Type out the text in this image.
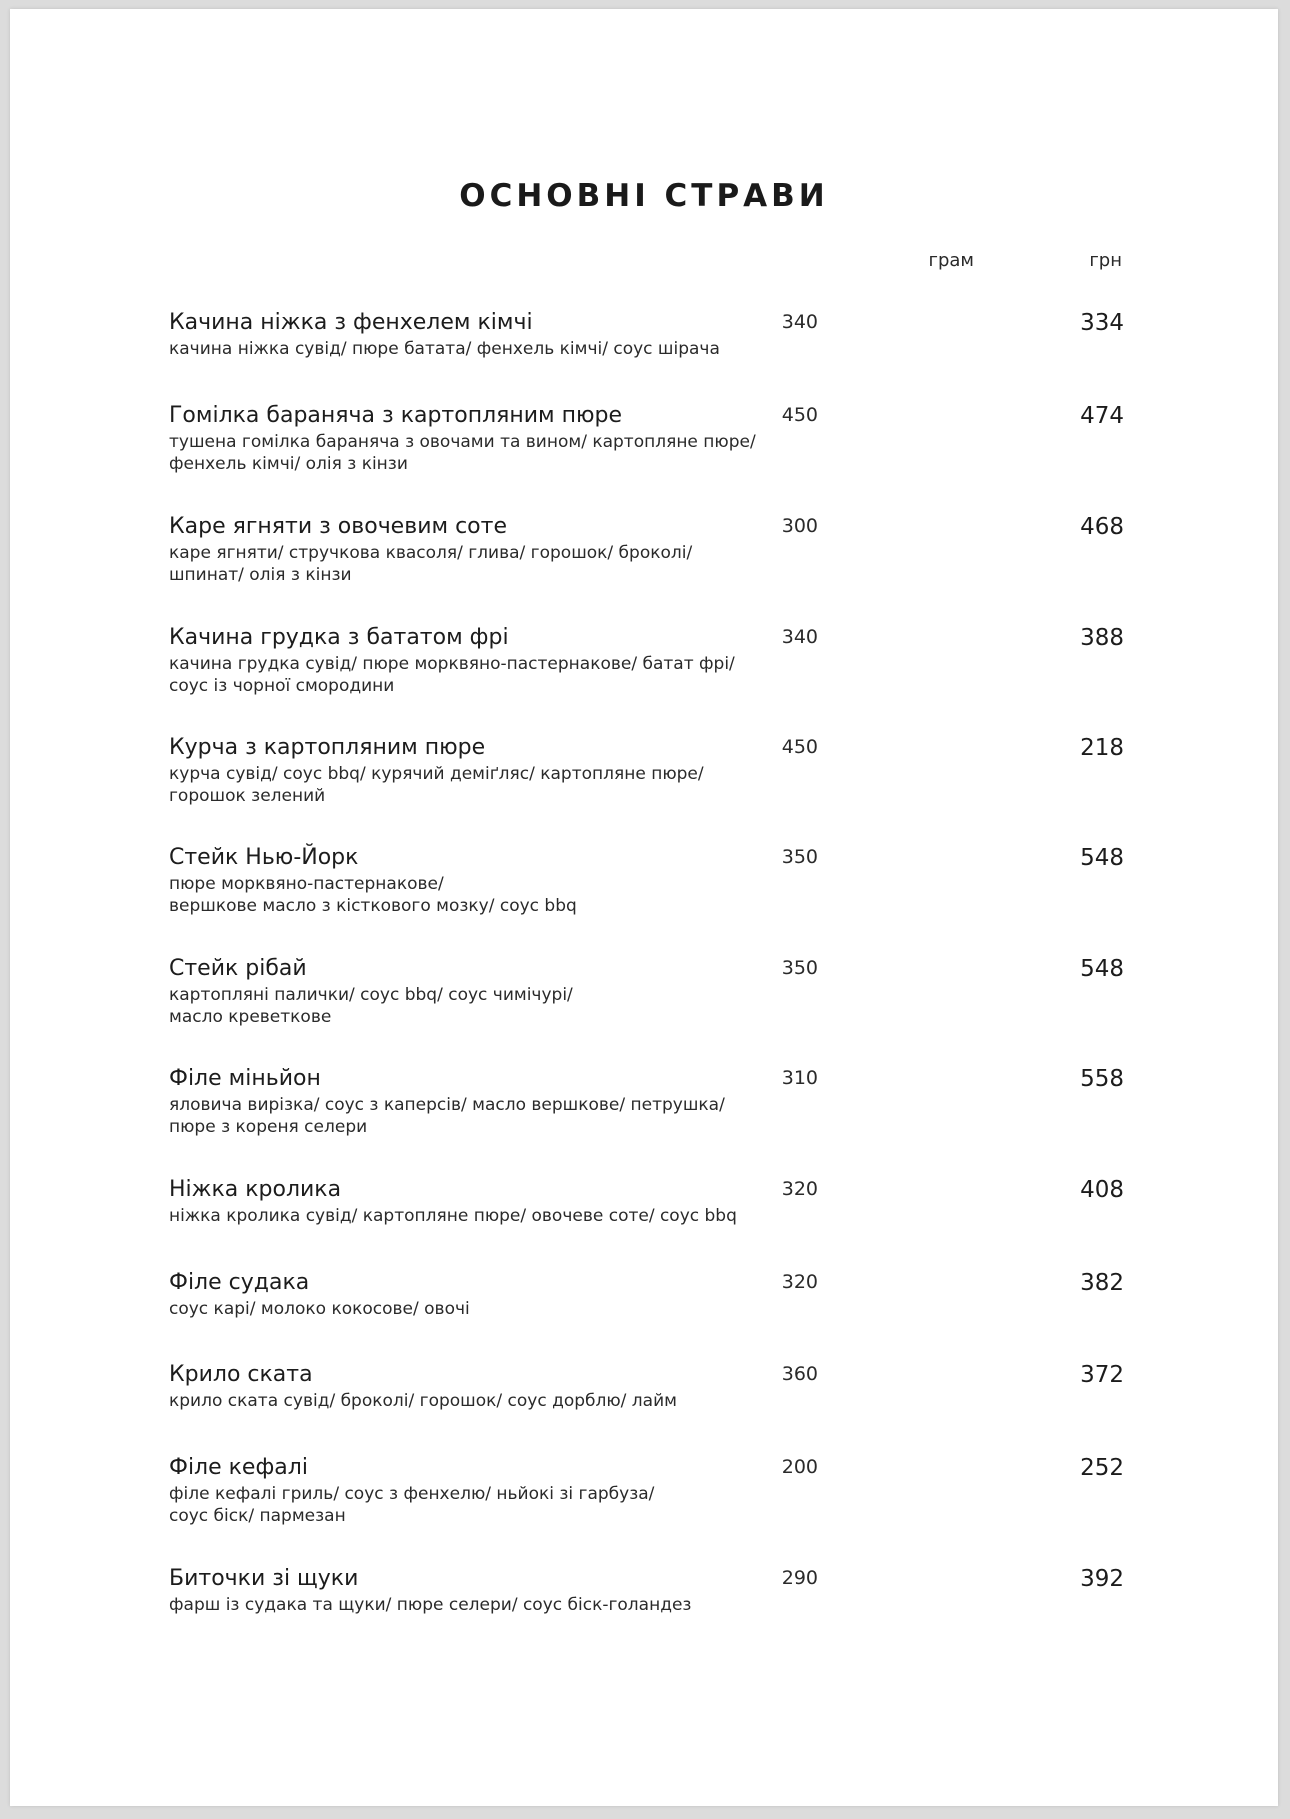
ОСНОВНІ СТРАВИ
грам	грн

Качина ніжка з фенхелем кімчі

качина ніжка сувід/ пюре батата/ фенхель кімчі/ соус шірача

340	334

Гомілка бараняча з картопляним пюре

тушена гомілка бараняча з овочами та вином/ картопляне пюре/
фенхель кімчі/ олія з кінзи

450	474

Каре ягняти з овочевим соте

каре ягняти/ стручкова квасоля/ глива/ горошок/ броколі/
шпинат/ олія з кінзи

300	468

Качина грудка з бататом фрі

качина грудка сувід/ пюре морквяно-пастернакове/ батат фрі/
соус із чорної смородини

340	388

Курча з картопляним пюре

курча сувід/ соус bbq/ курячий деміґляс/ картопляне пюре/
горошок зелений

450	218

Стейк Нью-Йорк

пюре морквяно-пастернакове/
вершкове масло з кісткового мозку/ соус bbq

350	548

Стейк рібай

картопляні палички/ соус bbq/ соус чимічурі/
масло креветкове

350	548

Філе міньйон

яловича вирізка/ соус з каперсів/ масло вершкове/ петрушка/
пюре з кореня селери

310	558

Ніжка кролика

ніжка кролика сувід/ картопляне пюре/ овочеве соте/ соус bbq

320	408

Філе судака

соус карі/ молоко кокосове/ овочі

320	382

Крило ската

крило ската сувід/ броколі/ горошок/ соус дорблю/ лайм

360	372

Філе кефалі

філе кефалі гриль/ соус з фенхелю/ ньйокі зі гарбуза/
соус біск/ пармезан

200	252

Биточки зі щуки

фарш із судака та щуки/ пюре селери/ соус біск-голандез

290	392
